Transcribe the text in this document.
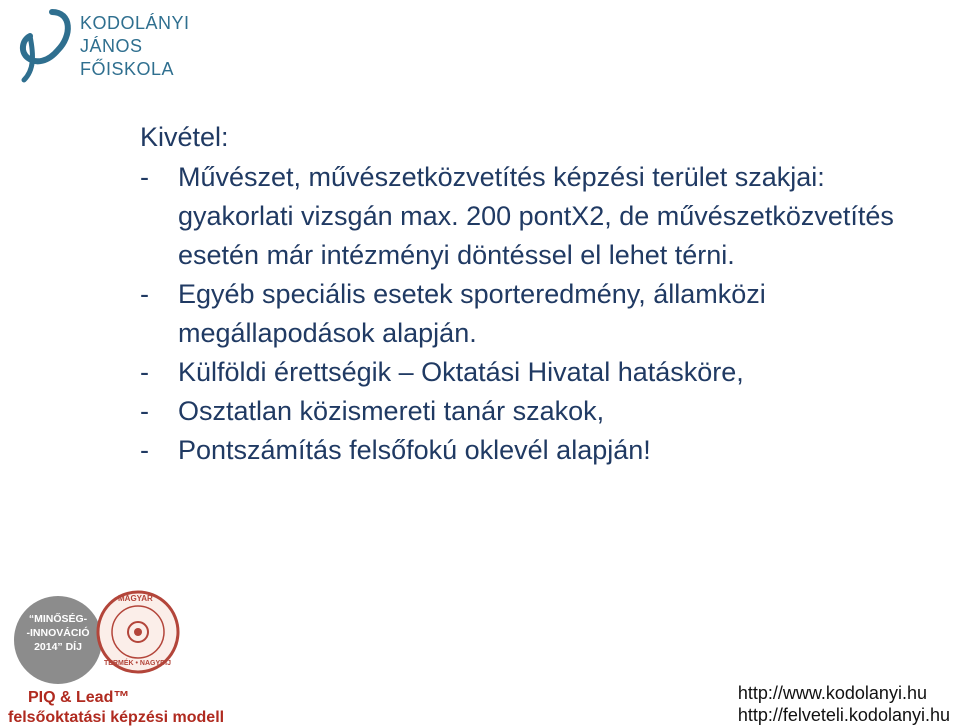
KODOLÁNYI
JÁNOS
FŐISKOLA
Kivétel:
-	Művészet, művészetközvetítés képzési terület szakjai: gyakorlati vizsgán max. 200 pontX2, de művészetközvetítés esetén már intézményi döntéssel el lehet térni.
-	Egyéb speciális esetek sporteredmény, államközi megállapodások alapján.
-	Külföldi érettségik – Oktatási Hivatal hatásköre,
-	Osztatlan közismereti tanár szakok,
-	Pontszámítás felsőfokú oklevél alapján!
“MINŐSÉG-
-INNOVÁCIÓ
2014” DÍJ
MAGYAR
TERMÉK • NAGYDÍJ
PIQ & Lead™
felsőoktatási képzési modell
http://www.kodolanyi.hu
http://felveteli.kodolanyi.hu
